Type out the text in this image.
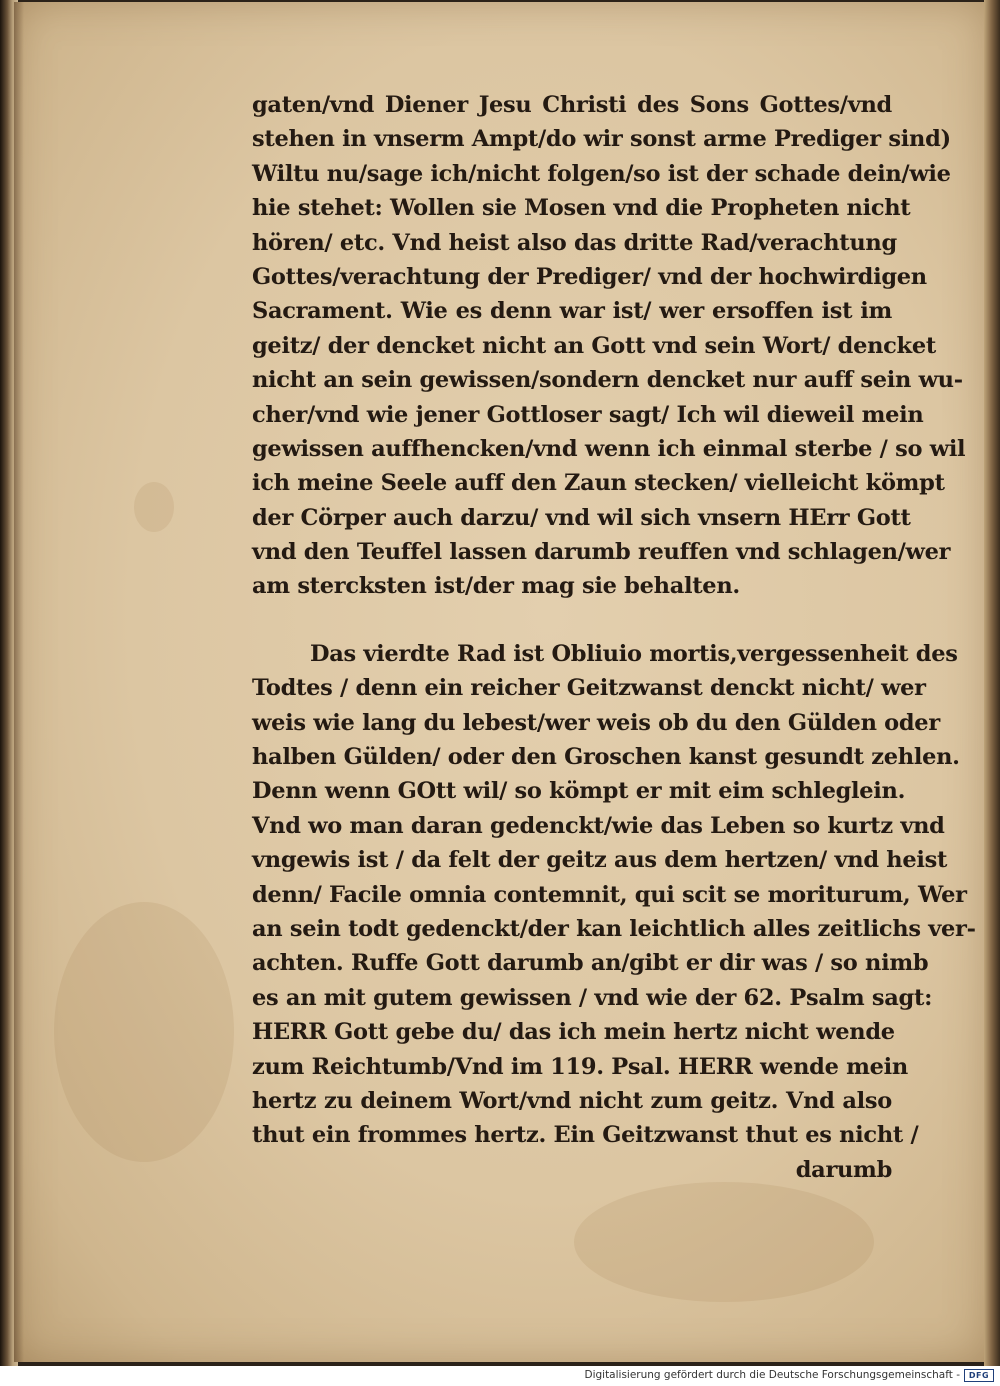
gaten/vnd Diener Jesu Christi des Sons Gottes/vnd
stehen in vnserm Ampt/do wir sonst arme Prediger sind)
Wiltu nu/sage ich/nicht folgen/so ist der schade dein/wie
hie stehet: Wollen sie Mosen vnd die Propheten nicht
hören/ etc. Vnd heist also das dritte Rad/verachtung
Gottes/verachtung der Prediger/ vnd der hochwirdigen
Sacrament. Wie es denn war ist/ wer ersoffen ist im
geitz/ der dencket nicht an Gott vnd sein Wort/ dencket
nicht an sein gewissen/sondern dencket nur auff sein wu-
cher/vnd wie jener Gottloser sagt/ Ich wil dieweil mein
gewissen auffhencken/vnd wenn ich einmal sterbe / so wil
ich meine Seele auff den Zaun stecken/ vielleicht kömpt
der Cörper auch darzu/ vnd wil sich vnsern HErr Gott
vnd den Teuffel lassen darumb reuffen vnd schlagen/wer
am stercksten ist/der mag sie behalten.
Das vierdte Rad ist Obliuio mortis,vergessenheit des
Todtes / denn ein reicher Geitzwanst denckt nicht/ wer
weis wie lang du lebest/wer weis ob du den Gülden oder
halben Gülden/ oder den Groschen kanst gesundt zehlen.
Denn wenn GOtt wil/ so kömpt er mit eim schleglein.
Vnd wo man daran gedenckt/wie das Leben so kurtz vnd
vngewis ist / da felt der geitz aus dem hertzen/ vnd heist
denn/ Facile omnia contemnit, qui scit se moriturum, Wer
an sein todt gedenckt/der kan leichtlich alles zeitlichs ver-
achten. Ruffe Gott darumb an/gibt er dir was / so nimb
es an mit gutem gewissen / vnd wie der 62. Psalm sagt:
HERR Gott gebe du/ das ich mein hertz nicht wende
zum Reichtumb/Vnd im 119. Psal. HERR wende mein
hertz zu deinem Wort/vnd nicht zum geitz. Vnd also
thut ein frommes hertz. Ein Geitzwanst thut es nicht /
darumb
Digitalisierung gefördert durch die Deutsche Forschungsgemeinschaft -	DFG
